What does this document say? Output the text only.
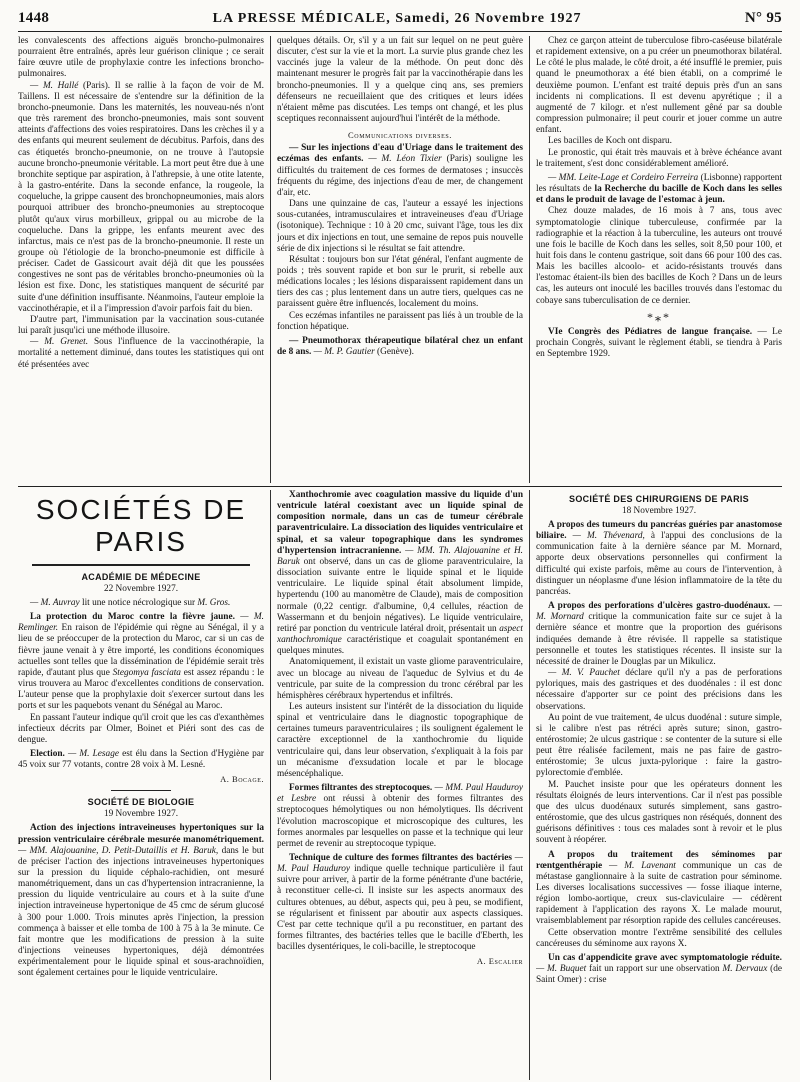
1448	LA PRESSE MÉDICALE, Samedi, 26 Novembre 1927	N° 95

les convalescents des affections aiguës broncho-pulmonaires pourraient être entraînés, après leur guérison clinique ; ce serait faire œuvre utile de prophylaxie contre les infections broncho-pulmonaires.

— M. Hallé (Paris). Il se rallie à la façon de voir de M. Taillens. Il est nécessaire de s'entendre sur la définition de la broncho-pneumonie. Dans les maternités, les nouveau-nés n'ont que très rarement des broncho-pneumonies, mais sont souvent atteints d'affections des voies respiratoires. Dans les crèches il y a des enfants qui meurent seulement de décubitus. Parfois, dans des cas étiquetés broncho-pneumonie, on ne trouve à l'autopsie aucune broncho-pneumonie véritable. La mort peut être due à une bronchite septique par aspiration, à l'athrepsie, à une otite latente, à la gastro-entérite. Dans la seconde enfance, la rougeole, la coqueluche, la grippe causent des bronchopneumonies, mais alors pourquoi attribuer des broncho-pneumonies au streptocoque plutôt qu'aux virus morbilleux, grippal ou au microbe de la coqueluche. Dans la grippe, les enfants meurent avec des infarctus, mais ce n'est pas de la broncho-pneumonie. Il reste un groupe où l'étiologie de la broncho-pneumonie est difficile à préciser. Cadet de Gassicourt avait déjà dit que les poussées congestives ne sont pas de véritables broncho-pneumonies où la lésion est fixe. Donc, les statistiques manquent de sécurité par suite d'une définition insuffisante. Néanmoins, l'auteur emploie la vaccinothérapie, et il a l'impression d'avoir parfois fait du bien.

D'autre part, l'immunisation par la vaccination sous-cutanée lui paraît jusqu'ici une méthode illusoire.

— M. Grenet. Sous l'influence de la vaccinothérapie, la mortalité a nettement diminué, dans toutes les statistiques qui ont été présentées avec

quelques détails. Or, s'il y a un fait sur lequel on ne peut guère discuter, c'est sur la vie et la mort. La survie plus grande chez les vaccinés juge la valeur de la méthode. On peut donc dès maintenant mesurer le progrès fait par la vaccinothérapie dans les broncho-pneumonies. Il y a quelque cinq ans, ses premiers défenseurs ne recueillaient que des critiques et leurs idées n'étaient même pas discutées. Les temps ont changé, et les plus sceptiques reconnaissent aujourd'hui l'intérêt de la méthode.

Communications diverses.

— Sur les injections d'eau d'Uriage dans le traitement des eczémas des enfants. — M. Léon Tixier (Paris) souligne les difficultés du traitement de ces formes de dermatoses ; insuccès fréquents du régime, des injections d'eau de mer, de changement d'air, etc.

Dans une quinzaine de cas, l'auteur a essayé les injections sous-cutanées, intramusculaires et intraveineuses d'eau d'Uriage (isotonique). Technique : 10 à 20 cmc, suivant l'âge, tous les dix jours et dix injections en tout, une semaine de repos puis nouvelle série de dix injections si le résultat se fait attendre.

Résultat : toujours bon sur l'état général, l'enfant augmente de poids ; très souvent rapide et bon sur le prurit, si rebelle aux médications locales ; les lésions disparaissent rapidement dans un tiers des cas ; plus lentement dans un autre tiers, quelques cas ne paraissent guère être influencés, localement du moins.

Ces eczémas infantiles ne paraissent pas liés à un trouble de la fonction hépatique.

— Pneumothorax thérapeutique bilatéral chez un enfant de 8 ans. — M. P. Gautier (Genève).

Chez ce garçon atteint de tuberculose fibro-caséeuse bilatérale et rapidement extensive, on a pu créer un pneumothorax bilatéral. Le côté le plus malade, le côté droit, a été insufflé le premier, puis quand le pneumothorax a été bien établi, on a comprimé le deuxième poumon. L'enfant est traité depuis près d'un an sans incidents ni complications. Il est devenu apyrétique ; il a augmenté de 7 kilogr. et n'est nullement gêné par sa double compression pulmonaire; il peut courir et jouer comme un autre enfant.

Les bacilles de Koch ont disparu.

Le pronostic, qui était très mauvais et à brève échéance avant le traitement, s'est donc considérablement amélioré.

— MM. Leite-Lage et Cordeiro Ferreira (Lisbonne) rapportent les résultats de la Recherche du bacille de Koch dans les selles et dans le produit de lavage de l'estomac à jeun.

Chez douze malades, de 16 mois à 7 ans, tous avec symptomatologie clinique tuberculeuse, confirmée par la radiographie et la réaction à la tuberculine, les auteurs ont trouvé une fois le bacille de Koch dans les selles, soit 8,50 pour 100, et huit fois dans le contenu gastrique, soit dans 66 pour 100 des cas. Mais les bacilles alcoolo- et acido-résistants trouvés dans l'estomac étaient-ils bien des bacilles de Koch ? Dans un de leurs cas, les auteurs ont inoculé les bacilles trouvés dans l'estomac du cobaye sans tuberculisation de ce dernier.

*⁎*

VIe Congrès des Pédiatres de langue française. — Le prochain Congrès, suivant le règlement établi, se tiendra à Paris en Septembre 1929.

SOCIÉTÉS DE PARIS
ACADÉMIE DE MÉDECINE
22 Novembre 1927.

— M. Auvray lit une notice nécrologique sur M. Gros.

La protection du Maroc contre la fièvre jaune. — M. Remlinger. En raison de l'épidémie qui règne au Sénégal, il y a lieu de se préoccuper de la protection du Maroc, car si un cas de fièvre jaune venait à y être importé, les conditions économiques actuelles sont telles que la dissémination de l'épidémie serait très rapide, d'autant plus que Stegomya fasciata est assez répandu : le virus trouvera au Maroc d'excellentes conditions de conservation. L'auteur pense que la prophylaxie doit s'exercer surtout dans les ports et sur les paquebots venant du Sénégal au Maroc.

En passant l'auteur indique qu'il croit que les cas d'exanthèmes infectieux décrits par Olmer, Boinet et Piéri sont des cas de dengue.

Election. — M. Lesage est élu dans la Section d'Hygiène par 45 voix sur 77 votants, contre 28 voix à M. Lesné.

A. Bocage.
SOCIÉTÉ DE BIOLOGIE
19 Novembre 1927.

Action des injections intraveineuses hypertoniques sur la pression ventriculaire cérébrale mesurée manométriquement. — MM. Alajouanine, D. Petit-Dutaillis et H. Baruk, dans le but de préciser l'action des injections intraveineuses hypertoniques sur la pression du liquide céphalo-rachidien, ont mesuré manométriquement, dans un cas d'hypertension intracranienne, la pression du liquide ventriculaire au cours et à la suite d'une injection intraveineuse hypertonique de 45 cmc de sérum glucosé à 300 pour 1.000. Trois minutes après l'injection, la pression commença à baisser et elle tomba de 100 à 75 à la 3e minute. Ce fait montre que les modifications de pression à la suite d'injections veineuses hypertoniques, déjà démontrées expérimentalement pour le liquide spinal et sous-arachnoïdien, sont également certaines pour le liquide ventriculaire.

Xanthochromie avec coagulation massive du liquide d'un ventricule latéral coexistant avec un liquide spinal de composition normale, dans un cas de tumeur cérébrale paraventriculaire. La dissociation des liquides ventriculaire et spinal, et sa valeur topographique dans les syndromes d'hypertension intracranienne. — MM. Th. Alajouanine et H. Baruk ont observé, dans un cas de gliome paraventriculaire, la dissociation suivante entre le liquide spinal et le liquide ventriculaire. Le liquide spinal était absolument limpide, hypertendu (100 au manomètre de Claude), mais de composition normale (0,22 centigr. d'albumine, 0,4 cellules, réaction de Wassermann et du benjoin négatives). Le liquide ventriculaire, retiré par ponction du ventricule latéral droit, présentait un aspect xanthochromique caractéristique et coagulait spontanément en quelques minutes.

Anatomiquement, il existait un vaste gliome paraventriculaire, avec un blocage au niveau de l'aqueduc de Sylvius et du 4e ventricule, par suite de la compression du tronc cérébral par les hémisphères cérébraux hypertendus et infiltrés.

Les auteurs insistent sur l'intérêt de la dissociation du liquide spinal et ventriculaire dans le diagnostic topographique de certaines tumeurs paraventriculaires ; ils soulignent également le caractère exceptionnel de la xanthochromie du liquide ventriculaire qui, dans leur observation, s'expliquait à la fois par un mécanisme d'exsudation locale et par le blocage mésencéphalique.

Formes filtrantes des streptocoques. — MM. Paul Hauduroy et Lesbre ont réussi à obtenir des formes filtrantes des streptocoques hémolytiques ou non hémolytiques. Ils décrivent l'évolution macroscopique et microscopique des cultures, les formes anormales par lesquelles on passe et la technique qui leur permet de revenir au streptocoque typique.

Technique de culture des formes filtrantes des bactéries — M. Paul Hauduroy indique quelle technique particulière il faut suivre pour arriver, à partir de la forme pénétrante d'une bactérie, à reconstituer celle-ci. Il insiste sur les aspects anormaux des cultures obtenues, au début, aspects qui, peu à peu, se modifient, se régularisent et finissent par aboutir aux aspects classiques. C'est par cette technique qu'il a pu reconstituer, en partant des formes filtrantes, des bactéries telles que le bacille d'Eberth, les bacilles dysentériques, le coli-bacille, le streptocoque

A. Escalier
SOCIÉTÉ DES CHIRURGIENS DE PARIS
18 Novembre 1927.

A propos des tumeurs du pancréas guéries par anastomose biliaire. — M. Thévenard, à l'appui des conclusions de la communication faite à la dernière séance par M. Mornard, apporte deux observations personnelles qui confirment la difficulté qui existe parfois, même au cours de l'intervention, à distinguer un néoplasme d'une lésion inflammatoire de la tête du pancréas.

A propos des perforations d'ulcères gastro-duodénaux. — M. Mornard critique la communication faite sur ce sujet à la dernière séance et montre que la proportion des guérisons indiquées demande à être révisée. Il rappelle sa statistique personnelle et toutes les statistiques récentes. Il insiste sur la nécessité de drainer le Douglas par un Mikulicz.

— M. V. Pauchet déclare qu'il n'y a pas de perforations pyloriques, mais des gastriques et des duodénales : il est donc nécessaire d'apporter sur ce point des précisions dans les observations.

Au point de vue traitement, 4e ulcus duodénal : suture simple, si le calibre n'est pas rétréci après suture; sinon, gastro-entérostomie; 2e ulcus gastrique : se contenter de la suture si elle peut être réalisée facilement, mais ne pas faire de gastro-entérostomie; 3e ulcus juxta-pylorique : faire la gastro-pylorectomie d'emblée.

M. Pauchet insiste pour que les opérateurs donnent les résultats éloignés de leurs interventions. Car il n'est pas possible que des ulcus duodénaux suturés simplement, sans gastro-entérostomie, que des ulcus gastriques non réséqués, donnent des guérisons définitives : tous ces malades sont à revoir et le plus souvent à réopérer.

A propos du traitement des séminomes par rœntgenthérapie — M. Lavenant communique un cas de métastase ganglionnaire à la suite de castration pour séminome. Les diverses localisations successives — fosse iliaque interne, région lombo-aortique, creux sus-claviculaire — cédèrent rapidement à l'application des rayons X. Le malade mourut, vraisemblablement par résorption rapide des cellules cancéreuses.

Cette observation montre l'extrême sensibilité des cellules cancéreuses du séminome aux rayons X.

Un cas d'appendicite grave avec symptomatologie réduite. — M. Buquet fait un rapport sur une observation M. Dervaux (de Saint Omer) : crise
